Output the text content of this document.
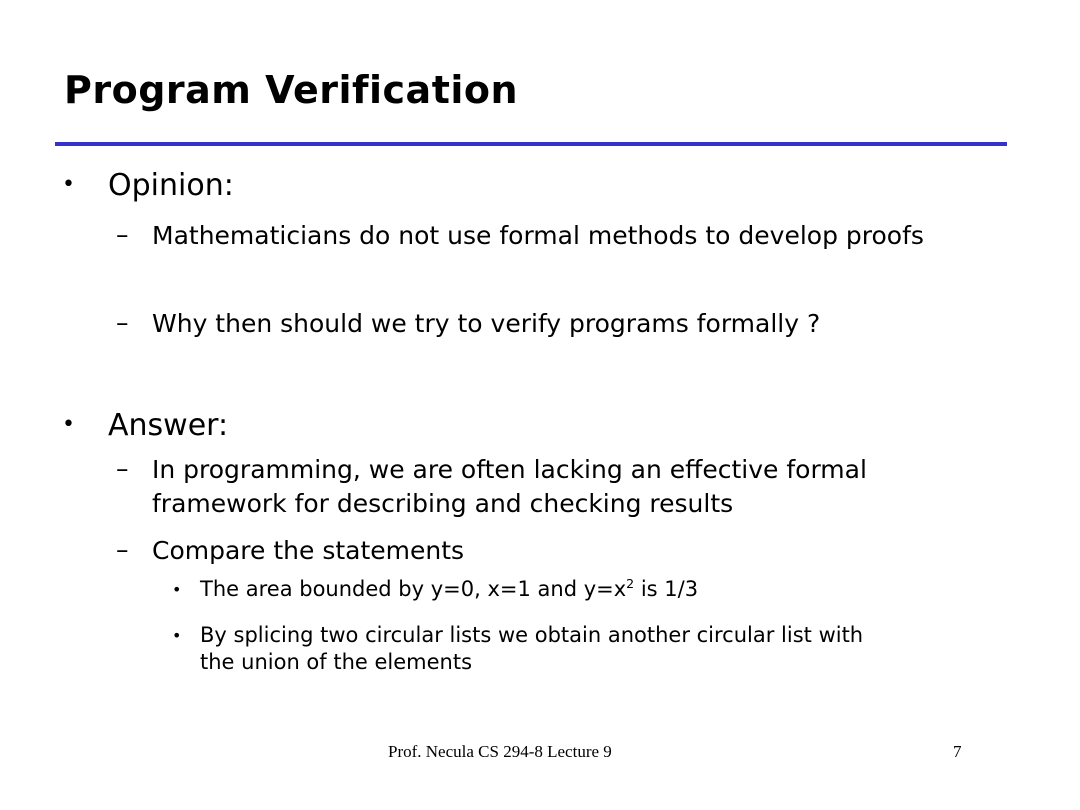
Program Verification
• Opinion:
– Mathematicians do not use formal methods to develop proofs
– Why then should we try to verify programs formally ?
• Answer:
– In programming, we are often lacking an effective formal
framework for describing and checking results
– Compare the statements
• The area bounded by y=0, x=1 and $y=x^2$ is 1/3
• By splicing two circular lists we obtain another circular list with
the union of the elements
Prof. Necula CS 294-8 Lecture 9	7
